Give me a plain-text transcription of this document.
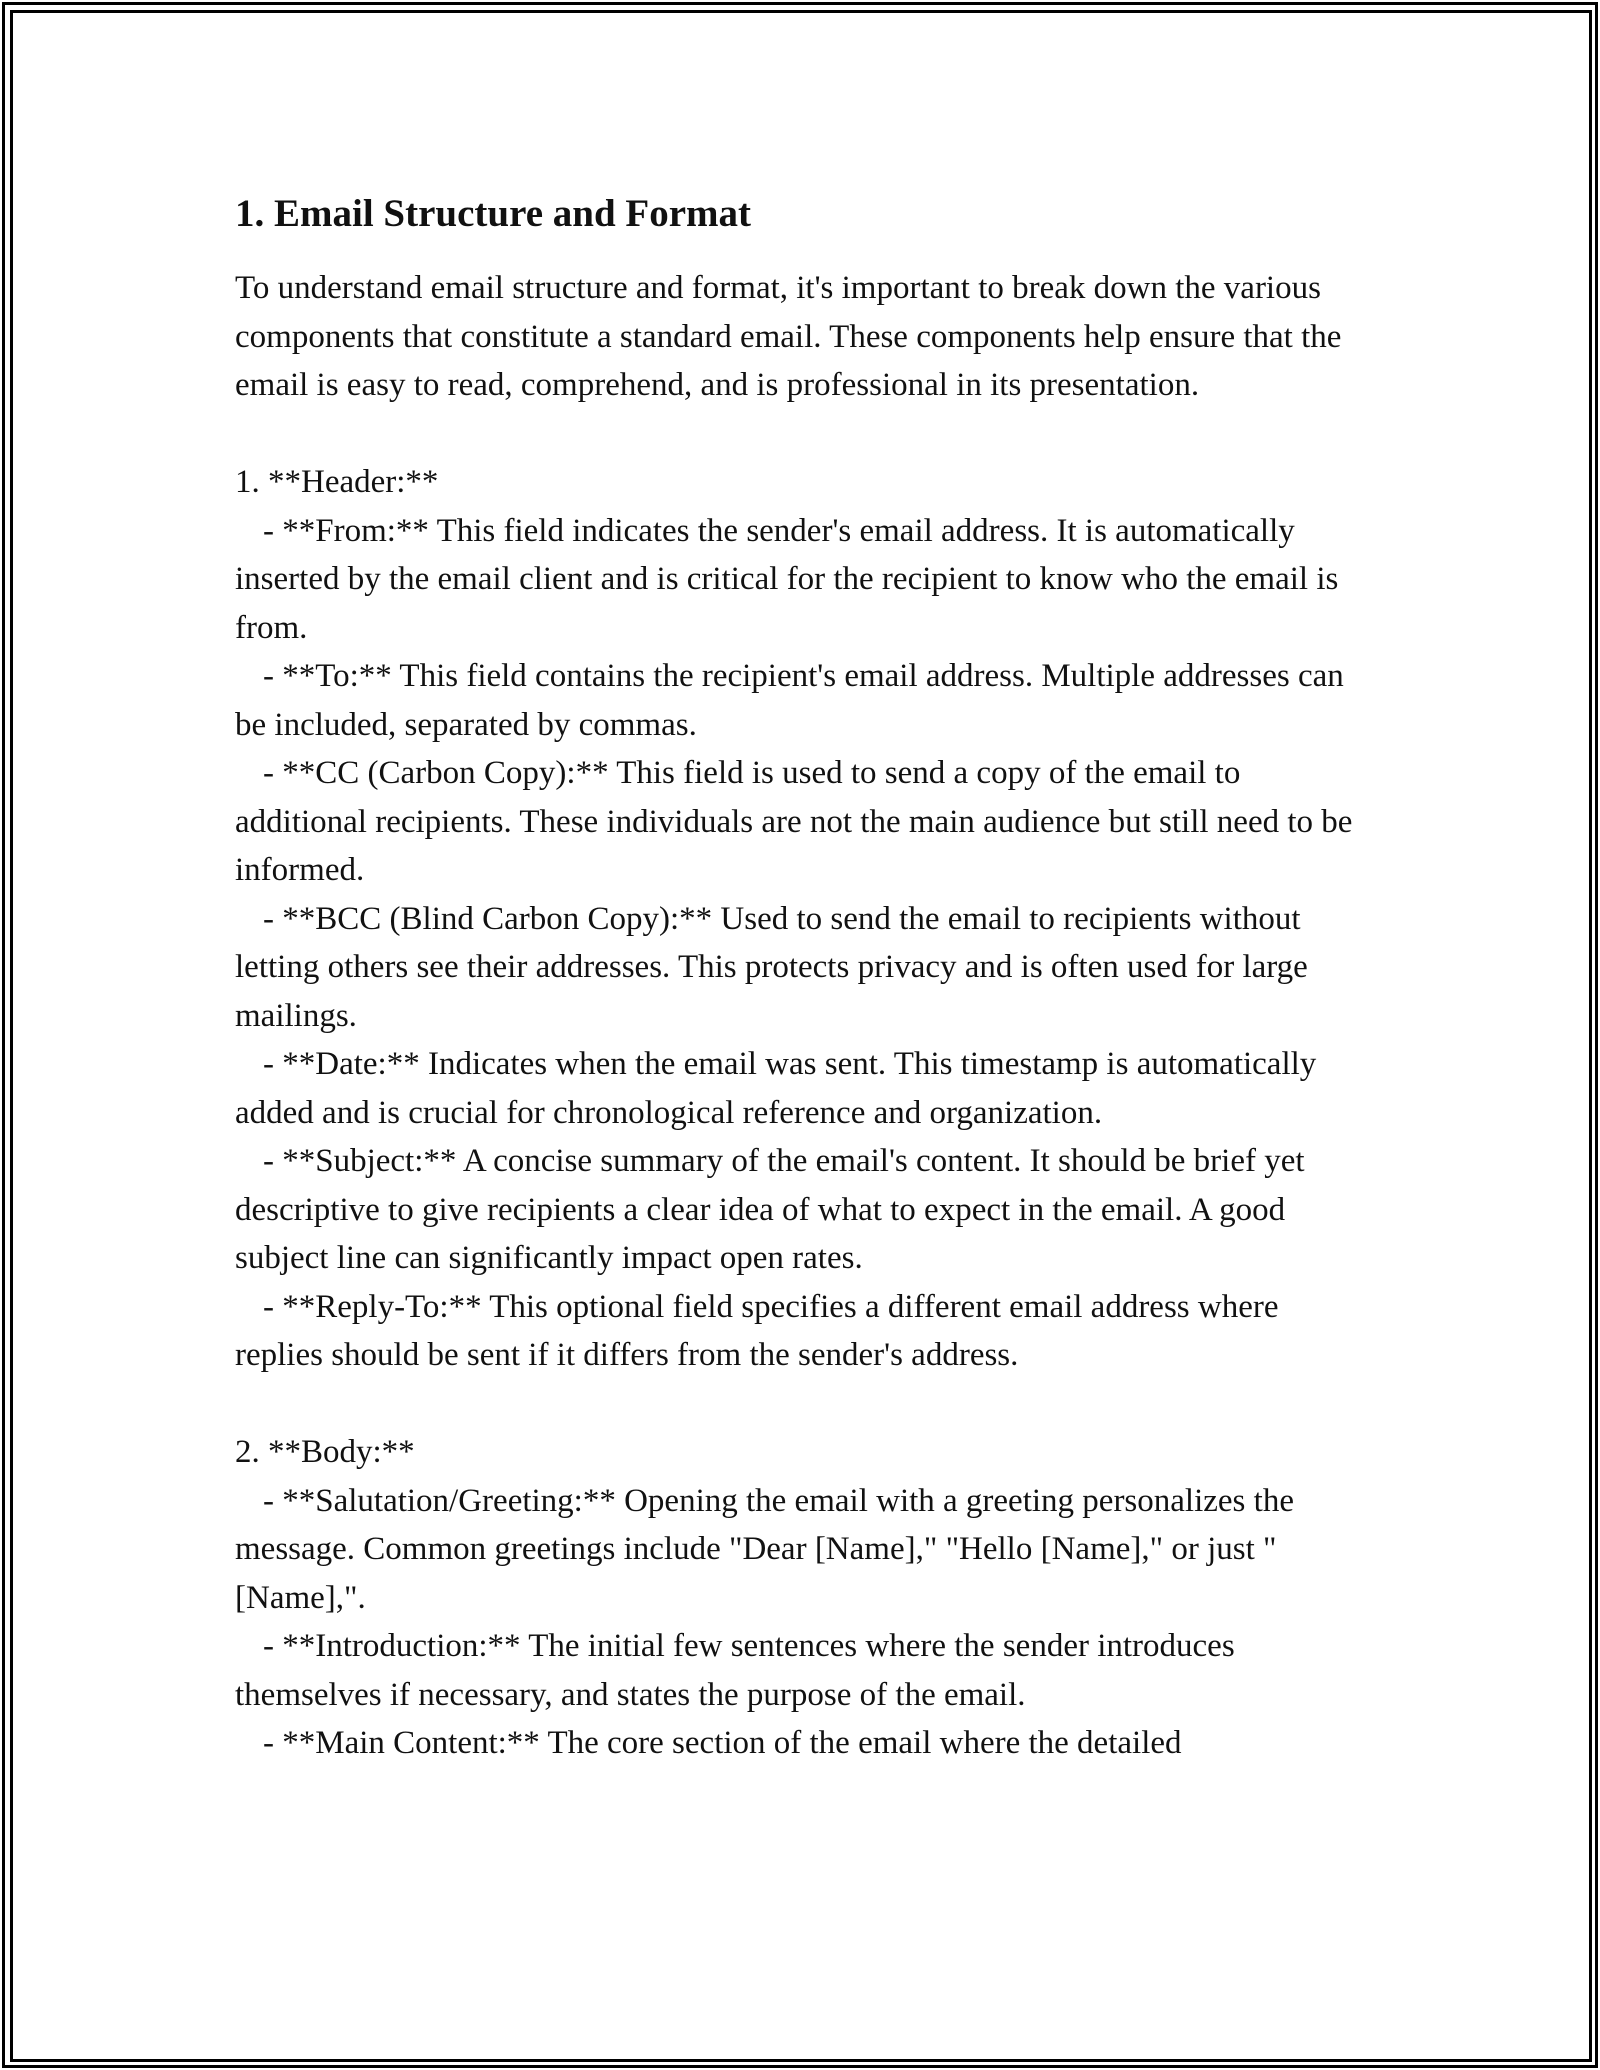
1. Email Structure and Format

To understand email structure and format, it's important to break down the various components that constitute a standard email. These components help ensure that the email is easy to read, comprehend, and is professional in its presentation.

1. **Header:**
- **From:** This field indicates the sender's email address. It is automatically inserted by the email client and is critical for the recipient to know who the email is from.
- **To:** This field contains the recipient's email address. Multiple addresses can be included, separated by commas.
- **CC (Carbon Copy):** This field is used to send a copy of the email to additional recipients. These individuals are not the main audience but still need to be informed.
- **BCC (Blind Carbon Copy):** Used to send the email to recipients without letting others see their addresses. This protects privacy and is often used for large mailings.
- **Date:** Indicates when the email was sent. This timestamp is automatically added and is crucial for chronological reference and organization.
- **Subject:** A concise summary of the email's content. It should be brief yet descriptive to give recipients a clear idea of what to expect in the email. A good subject line can significantly impact open rates.
- **Reply-To:** This optional field specifies a different email address where replies should be sent if it differs from the sender's address.
2. **Body:**
- **Salutation/Greeting:** Opening the email with a greeting personalizes the message. Common greetings include "Dear [Name]," "Hello [Name]," or just "[Name],".
- **Introduction:** The initial few sentences where the sender introduces themselves if necessary, and states the purpose of the email.
- **Main Content:** The core section of the email where the detailed
